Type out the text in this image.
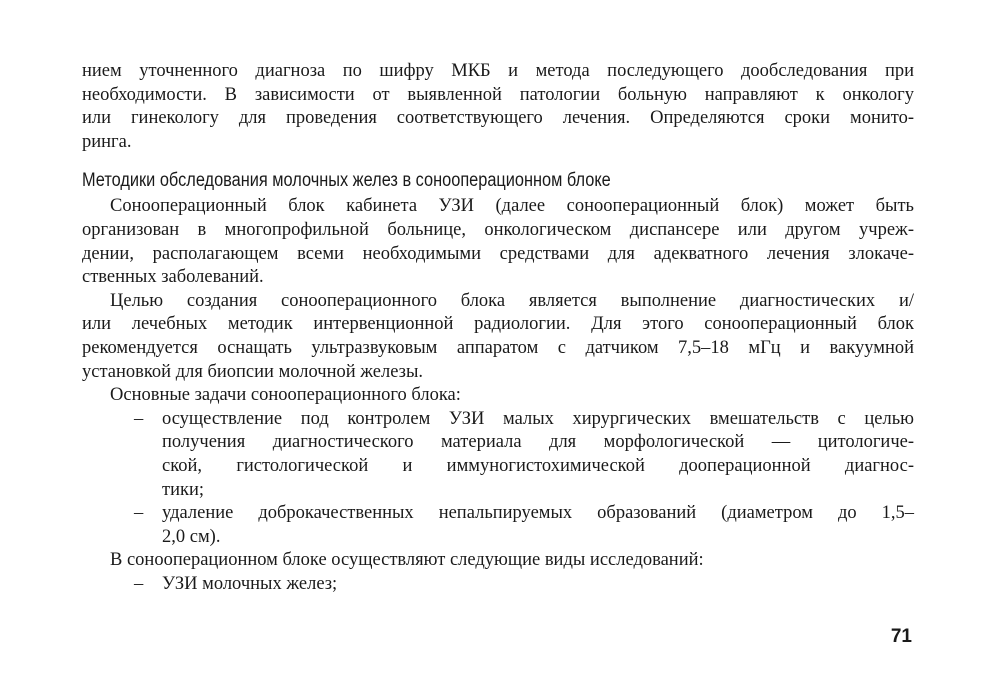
нием уточненного диагноза по шифру МКБ и метода последующего дообследования при
необходимости. В зависимости от выявленной патологии больную направляют к онкологу
или гинекологу для проведения соответствующего лечения. Определяются сроки монито-
ринга.
Методики обследования молочных желез в сонооперационном блоке
Сонооперационный блок кабинета УЗИ (далее сонооперационный блок) может быть
организован в многопрофильной больнице, онкологическом диспансере или другом учреж-
дении, располагающем всеми необходимыми средствами для адекватного лечения злокаче-
ственных заболеваний.
Целью создания сонооперационного блока является выполнение диагностических и/
или лечебных методик интервенционной радиологии. Для этого сонооперационный блок
рекомендуется оснащать ультразвуковым аппаратом с датчиком 7,5–18 мГц и вакуумной
установкой для биопсии молочной железы.
Основные задачи сонооперационного блока:
– осуществление под контролем УЗИ малых хирургических вмешательств с целью
получения диагностического материала для морфологической — цитологиче-
ской, гистологической и иммуногистохимической дооперационной диагнос-
тики;
– удаление доброкачественных непальпируемых образований (диаметром до 1,5–
2,0 см).
В сонооперационном блоке осуществляют следующие виды исследований:
– УЗИ молочных желез;
71
